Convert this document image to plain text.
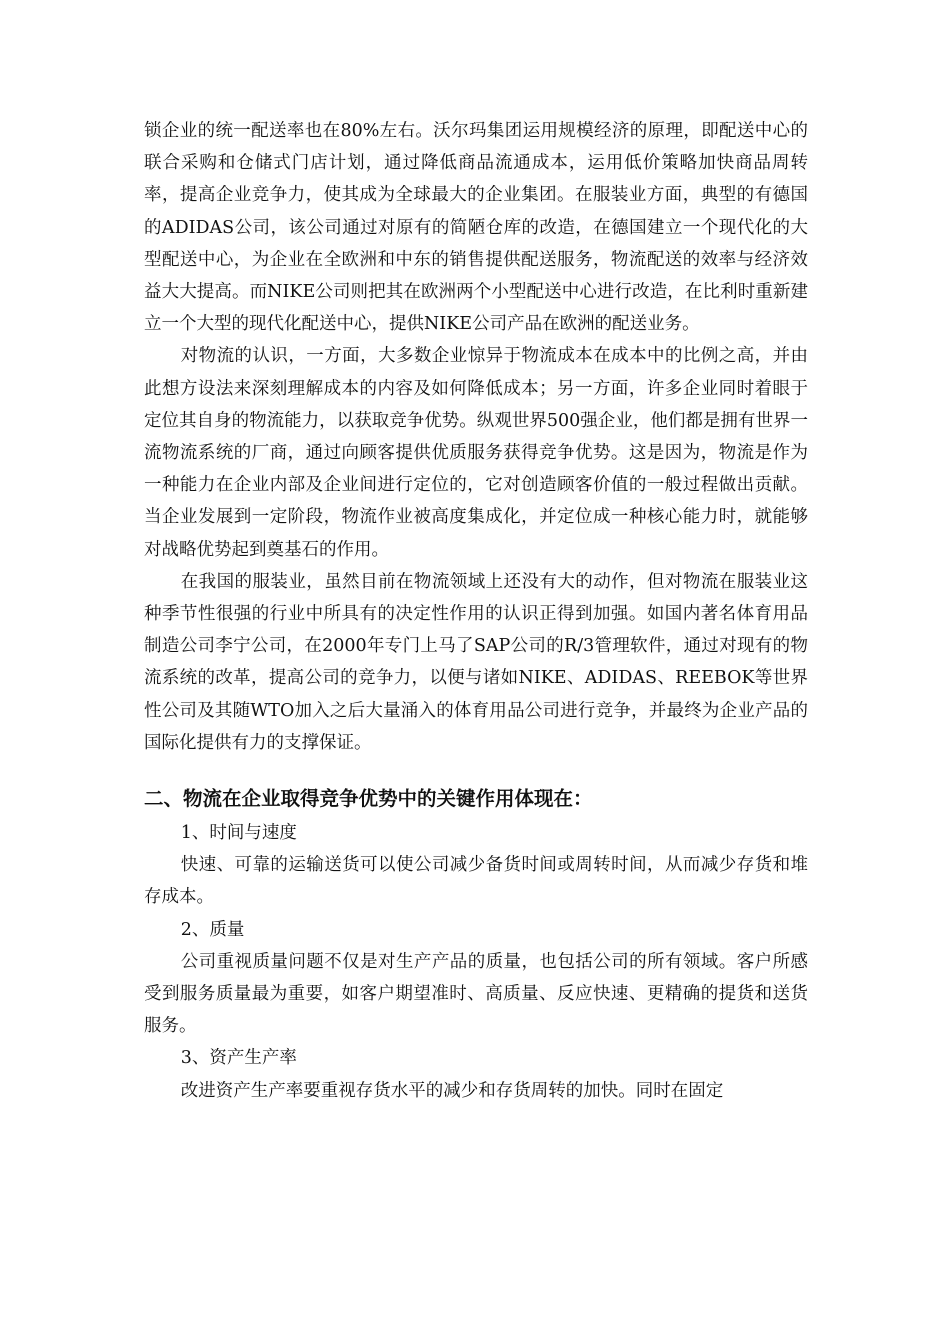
锁企业的统一配送率也在80%左右。沃尔玛集团运用规模经济的原理，即配送中心的联合采购和仓储式门店计划，通过降低商品流通成本，运用低价策略加快商品周转率，提高企业竞争力，使其成为全球最大的企业集团。在服装业方面，典型的有德国的ADIDAS公司，该公司通过对原有的简陋仓库的改造，在德国建立一个现代化的大型配送中心，为企业在全欧洲和中东的销售提供配送服务，物流配送的效率与经济效益大大提高。而NIKE公司则把其在欧洲两个小型配送中心进行改造，在比利时重新建立一个大型的现代化配送中心，提供NIKE公司产品在欧洲的配送业务。

对物流的认识，一方面，大多数企业惊异于物流成本在成本中的比例之高，并由此想方设法来深刻理解成本的内容及如何降低成本；另一方面，许多企业同时着眼于定位其自身的物流能力，以获取竞争优势。纵观世界500强企业，他们都是拥有世界一流物流系统的厂商，通过向顾客提供优质服务获得竞争优势。这是因为，物流是作为一种能力在企业内部及企业间进行定位的，它对创造顾客价值的一般过程做出贡献。当企业发展到一定阶段，物流作业被高度集成化，并定位成一种核心能力时，就能够对战略优势起到奠基石的作用。

在我国的服装业，虽然目前在物流领域上还没有大的动作，但对物流在服装业这种季节性很强的行业中所具有的决定性作用的认识正得到加强。如国内著名体育用品制造公司李宁公司，在2000年专门上马了SAP公司的R/3管理软件，通过对现有的物流系统的改革，提高公司的竞争力，以便与诸如NIKE、ADIDAS、REEBOK等世界性公司及其随WTO加入之后大量涌入的体育用品公司进行竞争，并最终为企业产品的国际化提供有力的支撑保证。

二、物流在企业取得竞争优势中的关键作用体现在：

1、时间与速度

快速、可靠的运输送货可以使公司减少备货时间或周转时间，从而减少存货和堆存成本。

2、质量

公司重视质量问题不仅是对生产产品的质量，也包括公司的所有领域。客户所感受到服务质量最为重要，如客户期望准时、高质量、反应快速、更精确的提货和送货服务。

3、资产生产率

改进资产生产率要重视存货水平的减少和存货周转的加快。同时在固定
